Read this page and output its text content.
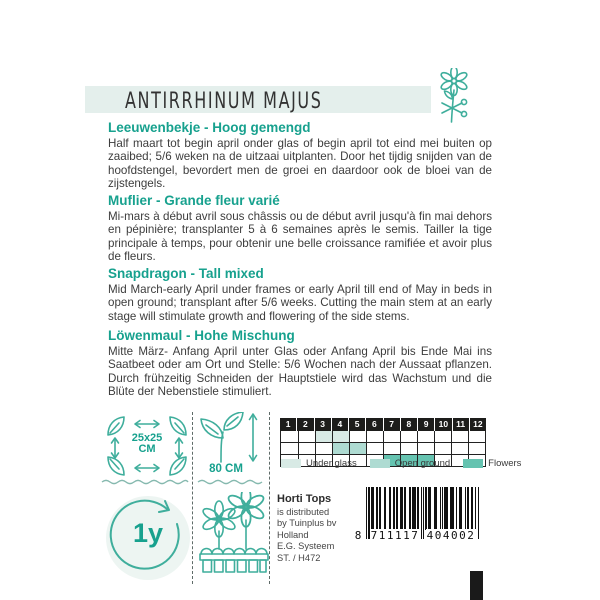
ANTIRRHINUM MAJUS
Leeuwenbekje - Hoog gemengd

Half maart tot begin april onder glas of begin april tot eind mei buiten op zaaibed; 5/6 weken na de uitzaai uitplanten. Door het tijdig snijden van de hoofdstengel, bevordert men de groei en daardoor ook de bloei van de zijstengels.

Muflier - Grande fleur varié

Mi-mars à début avril sous châssis ou de début avril jusqu'à fin mai dehors en pépinière; transplanter 5 à 6 semaines après le semis. Tailler la tige principale à temps, pour obtenir une belle croissance ramifiée et avoir plus de fleurs.

Snapdragon - Tall mixed

Mid March-early April under frames or early April till end of May in beds in open ground; transplant after 5/6 weeks. Cutting the main stem at an early stage will stimulate growth and flowering of the side stems.

Löwenmaul - Hohe Mischung

Mitte März- Anfang April unter Glas oder Anfang April bis Ende Mai ins Saatbeet oder am Ort und Stelle: 5/6 Wochen nach der Aussaat pflanzen. Durch frühzeitig Schneiden der Hauptstiele wird das Wachstum und die Blüte der Nebenstiele stimuliert.

25x25
CM
80 CM
1	2	3	4	5	6	7	8	9	10 11 12
Under glass	Open ground	Flowers
1y
Horti Tops
is distributed
by Tuinplus bv
Holland
E.G. Systeem
ST. / H472
8 711117 404002
